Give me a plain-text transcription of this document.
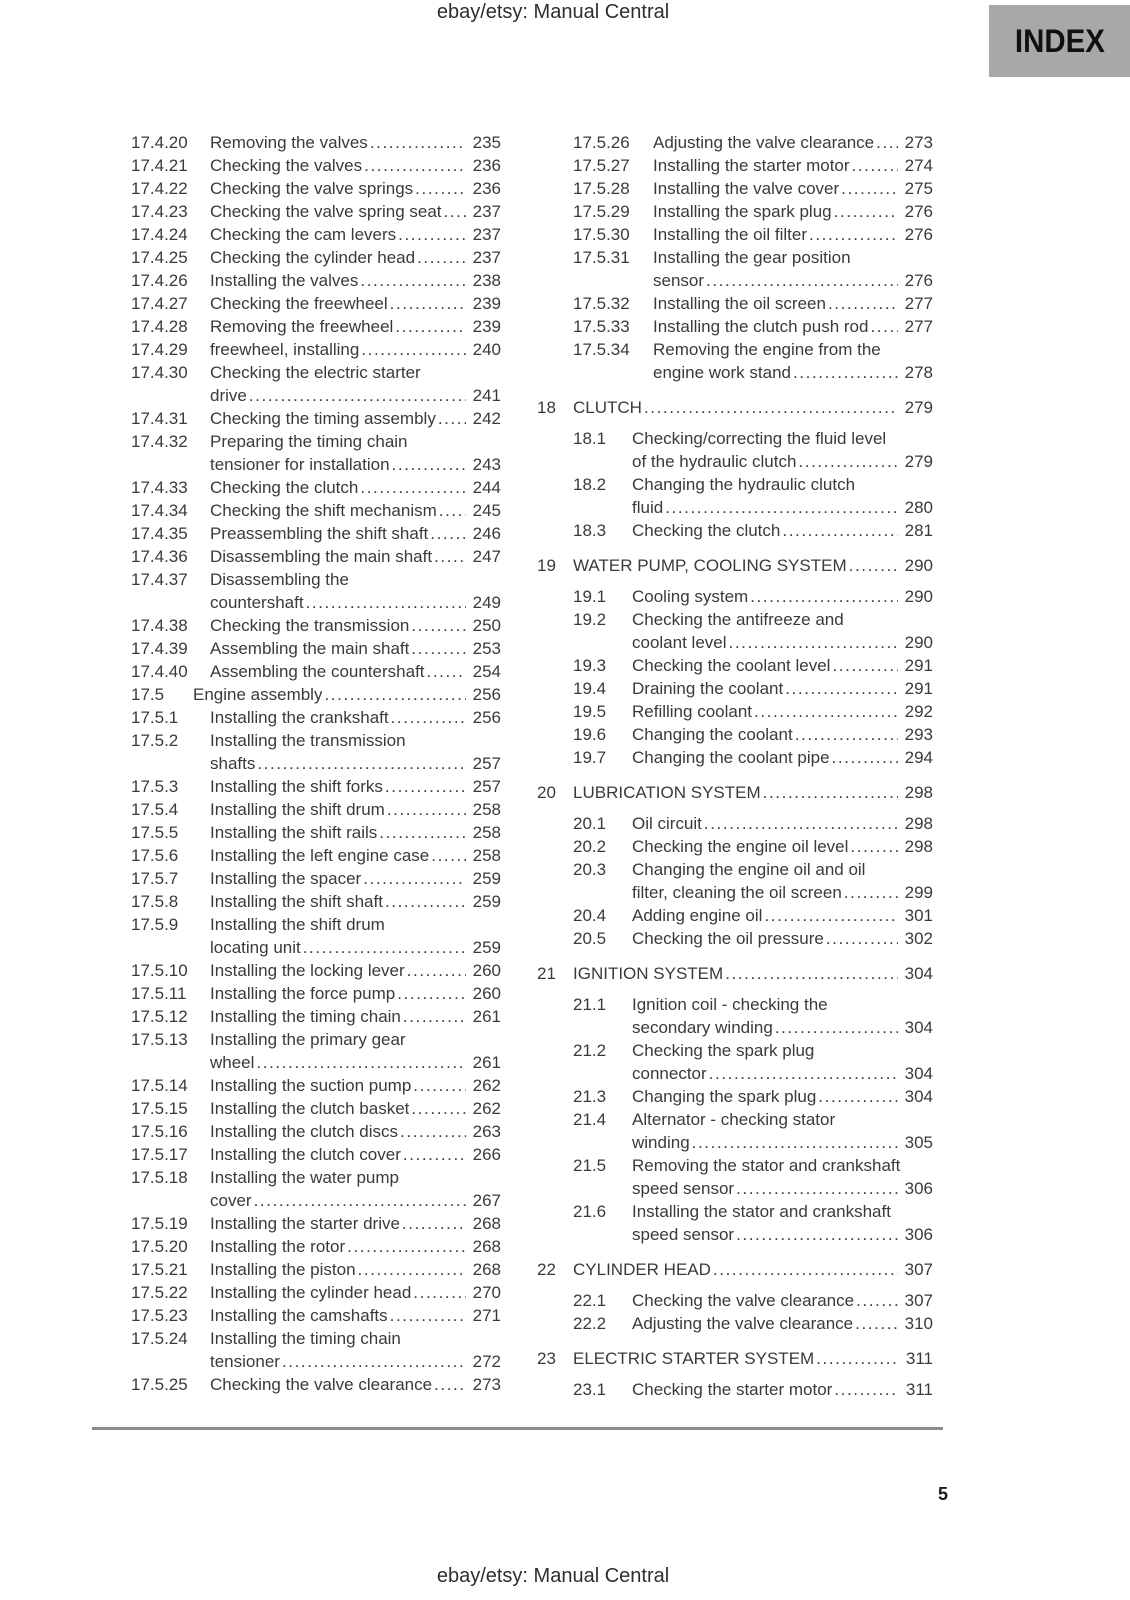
ebay/etsy: Manual Central
INDEX
17.4.20	Removing the valves .....	235
17.4.21	Checking the valves .....	236
17.4.22	Checking the valve springs .....	236
17.4.23	Checking the valve spring seat .....	237
17.4.24	Checking the cam levers .....	237
17.4.25	Checking the cylinder head .....	237
17.4.26	Installing the valves .....	238
17.4.27	Checking the freewheel .....	239
17.4.28	Removing the freewheel .....	239
17.4.29	freewheel, installing .....	240
17.4.30	Checking the electric starter
drive .....	241
17.4.31	Checking the timing assembly .....	242
17.4.32	Preparing the timing chain
tensioner for installation .....	243
17.4.33	Checking the clutch .....	244
17.4.34	Checking the shift mechanism .....	245
17.4.35	Preassembling the shift shaft .....	246
17.4.36	Disassembling the main shaft .....	247
17.4.37	Disassembling the
countershaft .....	249
17.4.38	Checking the transmission .....	250
17.4.39	Assembling the main shaft .....	253
17.4.40	Assembling the countershaft .....	254
17.5	Engine assembly .....	256
17.5.1	Installing the crankshaft .....	256
17.5.2	Installing the transmission
shafts .....	257
17.5.3	Installing the shift forks .....	257
17.5.4	Installing the shift drum .....	258
17.5.5	Installing the shift rails .....	258
17.5.6	Installing the left engine case .....	258
17.5.7	Installing the spacer .....	259
17.5.8	Installing the shift shaft .....	259
17.5.9	Installing the shift drum
locating unit .....	259
17.5.10	Installing the locking lever .....	260
17.5.11	Installing the force pump .....	260
17.5.12	Installing the timing chain .....	261
17.5.13	Installing the primary gear
wheel .....	261
17.5.14	Installing the suction pump .....	262
17.5.15	Installing the clutch basket .....	262
17.5.16	Installing the clutch discs .....	263
17.5.17	Installing the clutch cover .....	266
17.5.18	Installing the water pump
cover .....	267
17.5.19	Installing the starter drive .....	268
17.5.20	Installing the rotor .....	268
17.5.21	Installing the piston .....	268
17.5.22	Installing the cylinder head .....	270
17.5.23	Installing the camshafts .....	271
17.5.24	Installing the timing chain
tensioner .....	272
17.5.25	Checking the valve clearance .....	273
17.5.26	Adjusting the valve clearance .....	273
17.5.27	Installing the starter motor .....	274
17.5.28	Installing the valve cover .....	275
17.5.29	Installing the spark plug .....	276
17.5.30	Installing the oil filter .....	276
17.5.31	Installing the gear position
sensor .....	276
17.5.32	Installing the oil screen .....	277
17.5.33	Installing the clutch push rod .....	277
17.5.34	Removing the engine from the
engine work stand .....	278
18	CLUTCH .....	279
18.1	Checking/correcting the fluid level
of the hydraulic clutch .....	279
18.2	Changing the hydraulic clutch
fluid .....	280
18.3	Checking the clutch .....	281
19	WATER PUMP, COOLING SYSTEM .....	290
19.1	Cooling system .....	290
19.2	Checking the antifreeze and
coolant level .....	290
19.3	Checking the coolant level .....	291
19.4	Draining the coolant .....	291
19.5	Refilling coolant .....	292
19.6	Changing the coolant .....	293
19.7	Changing the coolant pipe .....	294
20	LUBRICATION SYSTEM .....	298
20.1	Oil circuit .....	298
20.2	Checking the engine oil level .....	298
20.3	Changing the engine oil and oil
filter, cleaning the oil screen .....	299
20.4	Adding engine oil .....	301
20.5	Checking the oil pressure .....	302
21	IGNITION SYSTEM .....	304
21.1	Ignition coil - checking the
secondary winding .....	304
21.2	Checking the spark plug
connector .....	304
21.3	Changing the spark plug .....	304
21.4	Alternator - checking stator
winding .....	305
21.5	Removing the stator and crankshaft
speed sensor .....	306
21.6	Installing the stator and crankshaft
speed sensor .....	306
22	CYLINDER HEAD .....	307
22.1	Checking the valve clearance .....	307
22.2	Adjusting the valve clearance .....	310
23	ELECTRIC STARTER SYSTEM .....	311
23.1	Checking the starter motor .....	311
5
ebay/etsy: Manual Central
